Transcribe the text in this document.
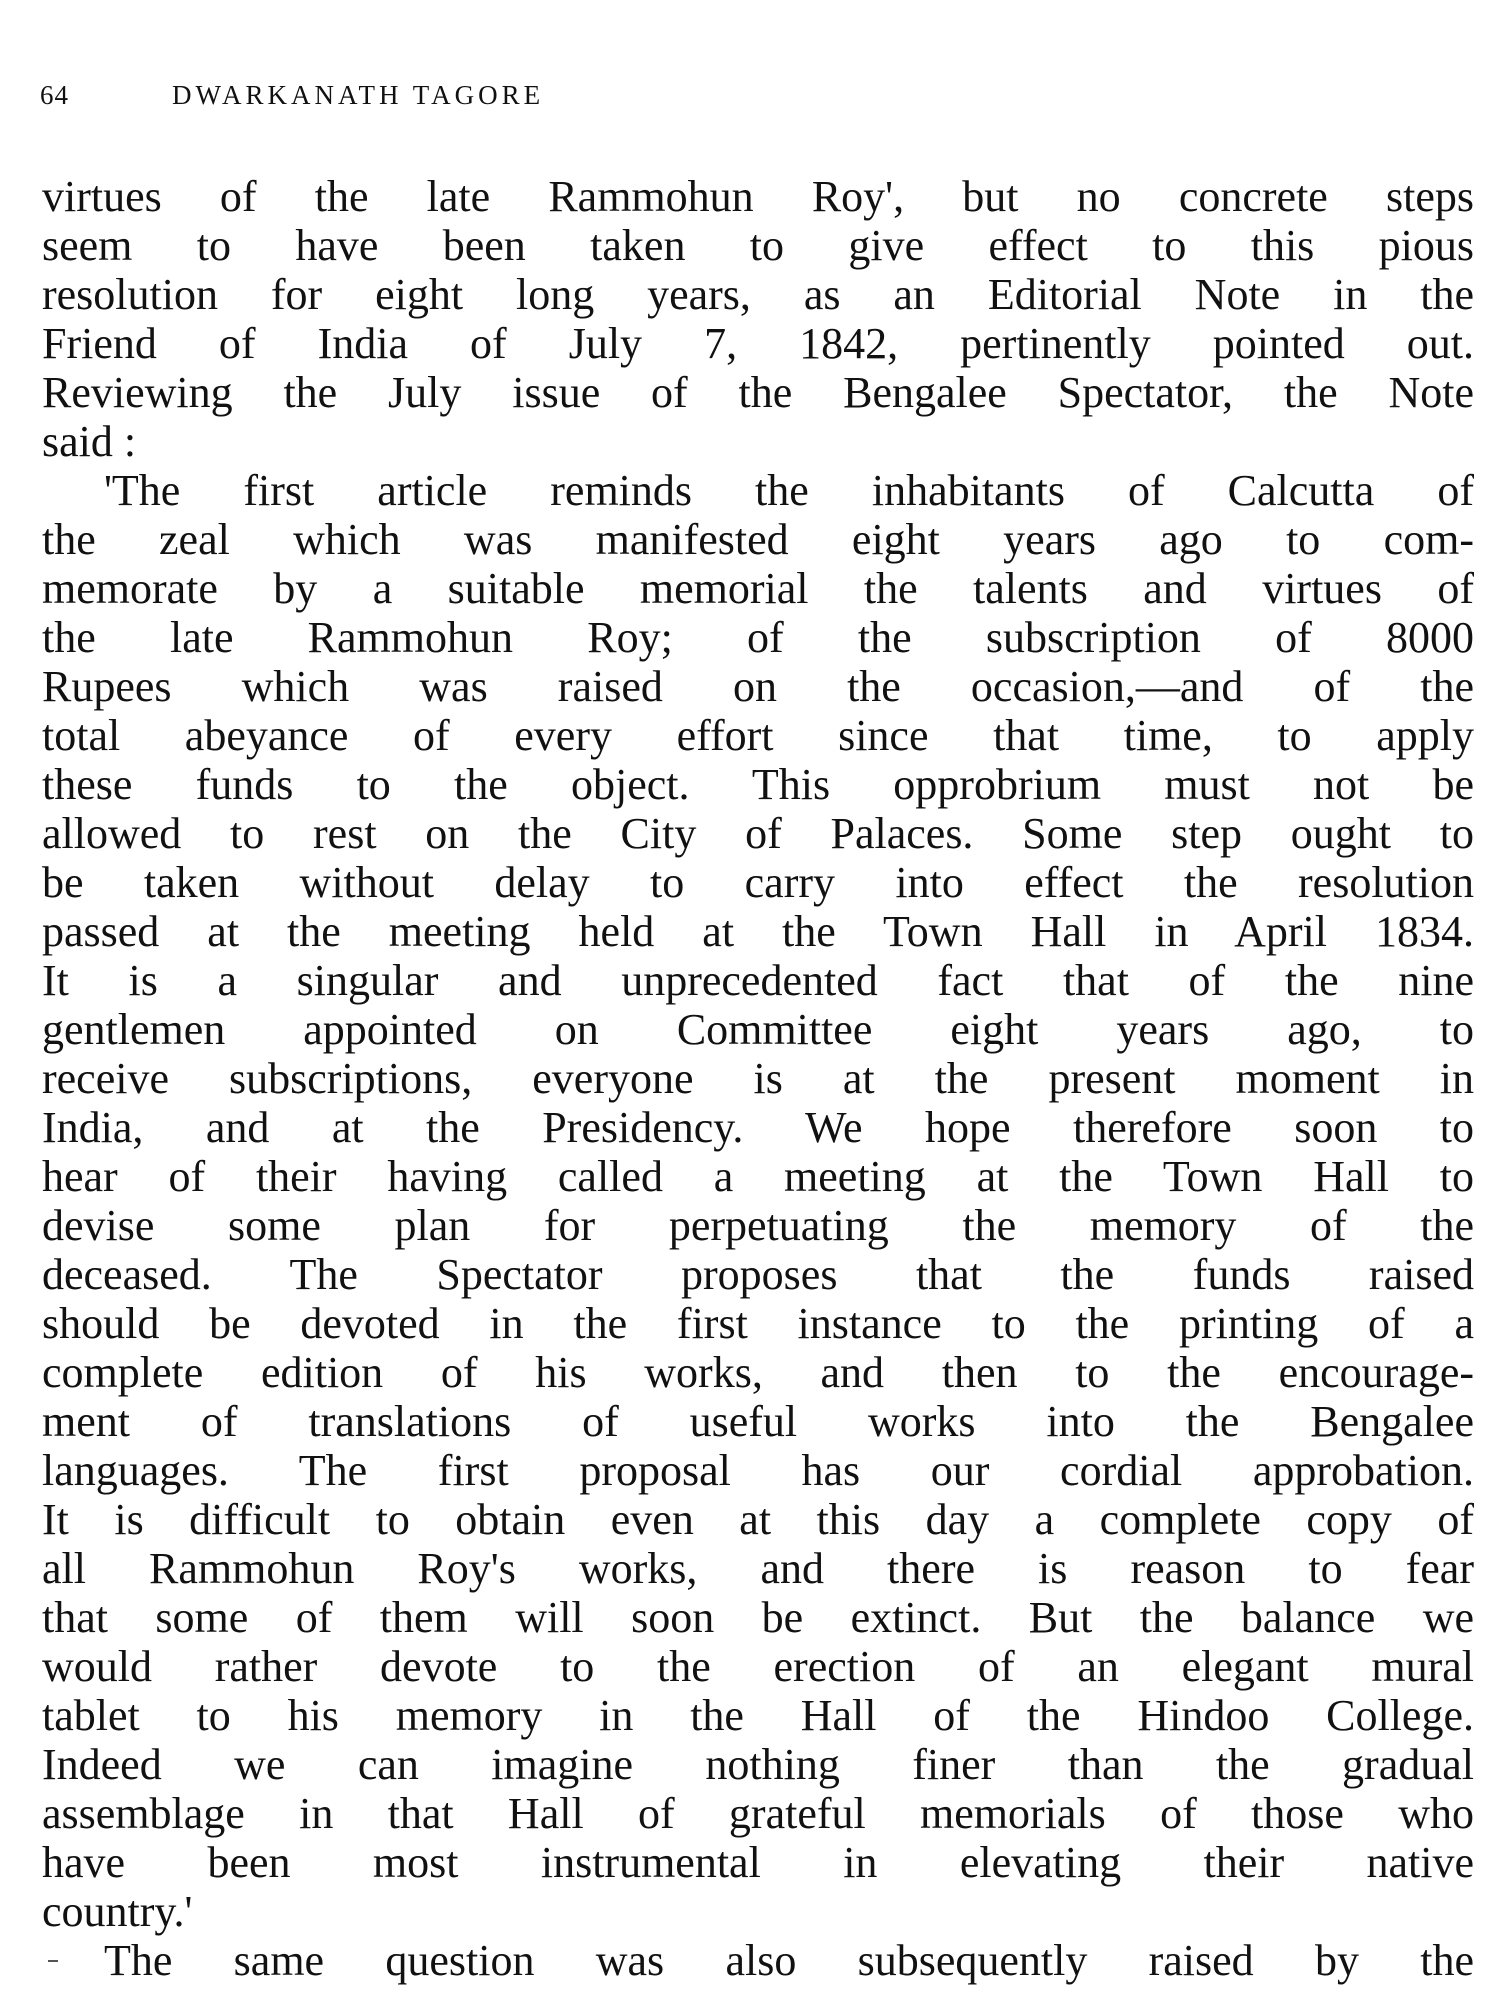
64	DWARKANATH TAGORE
virtues of the late Rammohun Roy', but no concrete steps
seem to have been taken to give effect to this pious
resolution for eight long years, as an Editorial Note in the
Friend of India of July 7, 1842, pertinently pointed out.
Reviewing the July issue of the Bengalee Spectator, the Note
said :
'The first article reminds the inhabitants of Calcutta of
the zeal which was manifested eight years ago to com-
memorate by a suitable memorial the talents and virtues of
the late Rammohun Roy; of the subscription of 8000
Rupees which was raised on the occasion,—and of the
total abeyance of every effort since that time, to apply
these funds to the object. This opprobrium must not be
allowed to rest on the City of Palaces. Some step ought to
be taken without delay to carry into effect the resolution
passed at the meeting held at the Town Hall in April 1834.
It is a singular and unprecedented fact that of the nine
gentlemen appointed on Committee eight years ago, to
receive subscriptions, everyone is at the present moment in
India, and at the Presidency. We hope therefore soon to
hear of their having called a meeting at the Town Hall to
devise some plan for perpetuating the memory of the
deceased. The Spectator proposes that the funds raised
should be devoted in the first instance to the printing of a
complete edition of his works, and then to the encourage-
ment of translations of useful works into the Bengalee
languages. The first proposal has our cordial approbation.
It is difficult to obtain even at this day a complete copy of
all Rammohun Roy's works, and there is reason to fear
that some of them will soon be extinct. But the balance we
would rather devote to the erection of an elegant mural
tablet to his memory in the Hall of the Hindoo College.
Indeed we can imagine nothing finer than the gradual
assemblage in that Hall of grateful memorials of those who
have been most instrumental in elevating their native
country.'
The same question was also subsequently raised by the
